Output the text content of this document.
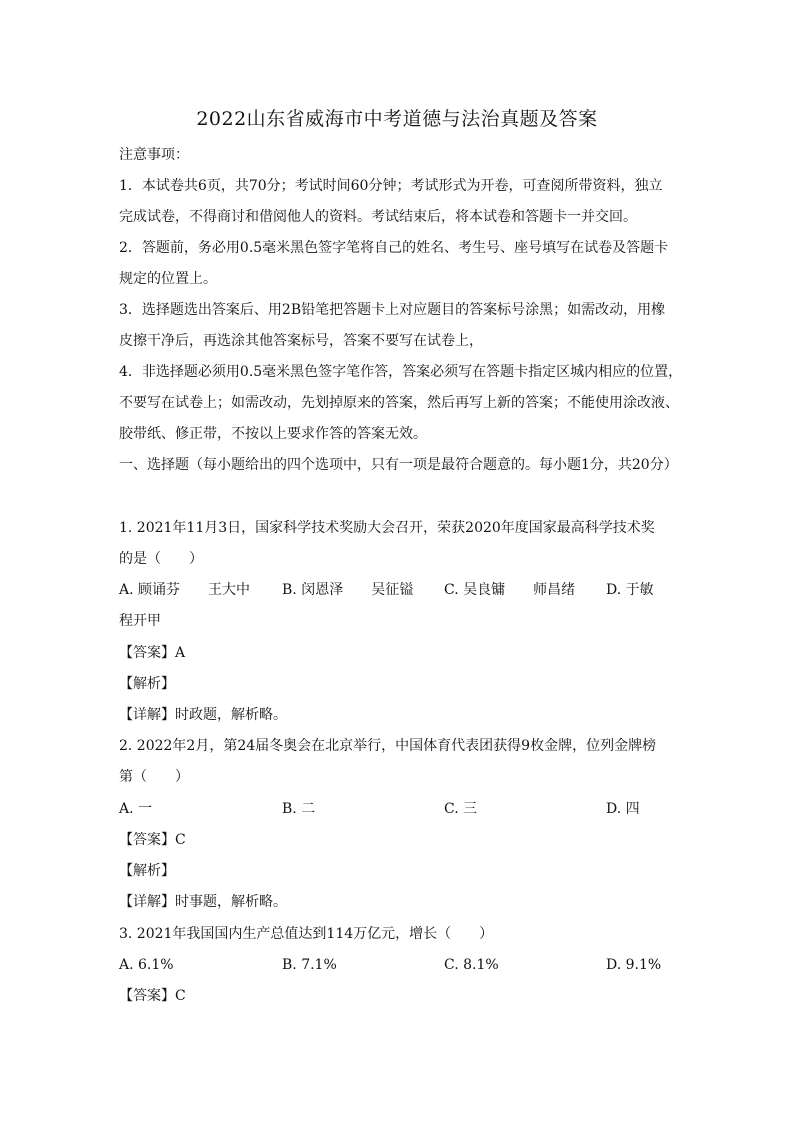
2022山东省威海市中考道德与法治真题及答案
注意事项：
1．本试卷共6页，共70分；考试时间60分钟；考试形式为开卷，可查阅所带资料，独立
完成试卷，不得商讨和借阅他人的资料。考试结束后，将本试卷和答题卡一并交回。
2．答题前，务必用0.5毫米黑色签字笔将自己的姓名、考生号、座号填写在试卷及答题卡
规定的位置上。
3．选择题选出答案后、用2B铅笔把答题卡上对应题目的答案标号涂黑；如需改动，用橡
皮擦干净后，再选涂其他答案标号，答案不要写在试卷上，
4．非选择题必须用0.5毫米黑色签字笔作答，答案必须写在答题卡指定区城内相应的位置，
不要写在试卷上；如需改动，先划掉原来的答案，然后再写上新的答案；不能使用涂改液、
胶带纸、修正带，不按以上要求作答的答案无效。
一、选择题（每小题给出的四个选项中，只有一项是最符合题意的。每小题1分，共20分）
1. 2021年11月3日，国家科学技术奖励大会召开，荣获2020年度国家最高科学技术奖
的是（　　）
A. 顾诵芬　　王大中 B. 闵恩泽　　吴征镒 C. 吴良镛　　师昌绪 D. 于敏
程开甲
【答案】A
【解析】
【详解】时政题，解析略。
2. 2022年2月，第24届冬奥会在北京举行，中国体育代表团获得9枚金牌，位列金牌榜
第（　　）
A. 一	B. 二	C. 三	D. 四
【答案】C
【解析】
【详解】时事题，解析略。
3. 2021年我国国内生产总值达到114万亿元，增长（　　）
A. 6.1%	B. 7.1%	C. 8.1%	D. 9.1%
【答案】C
